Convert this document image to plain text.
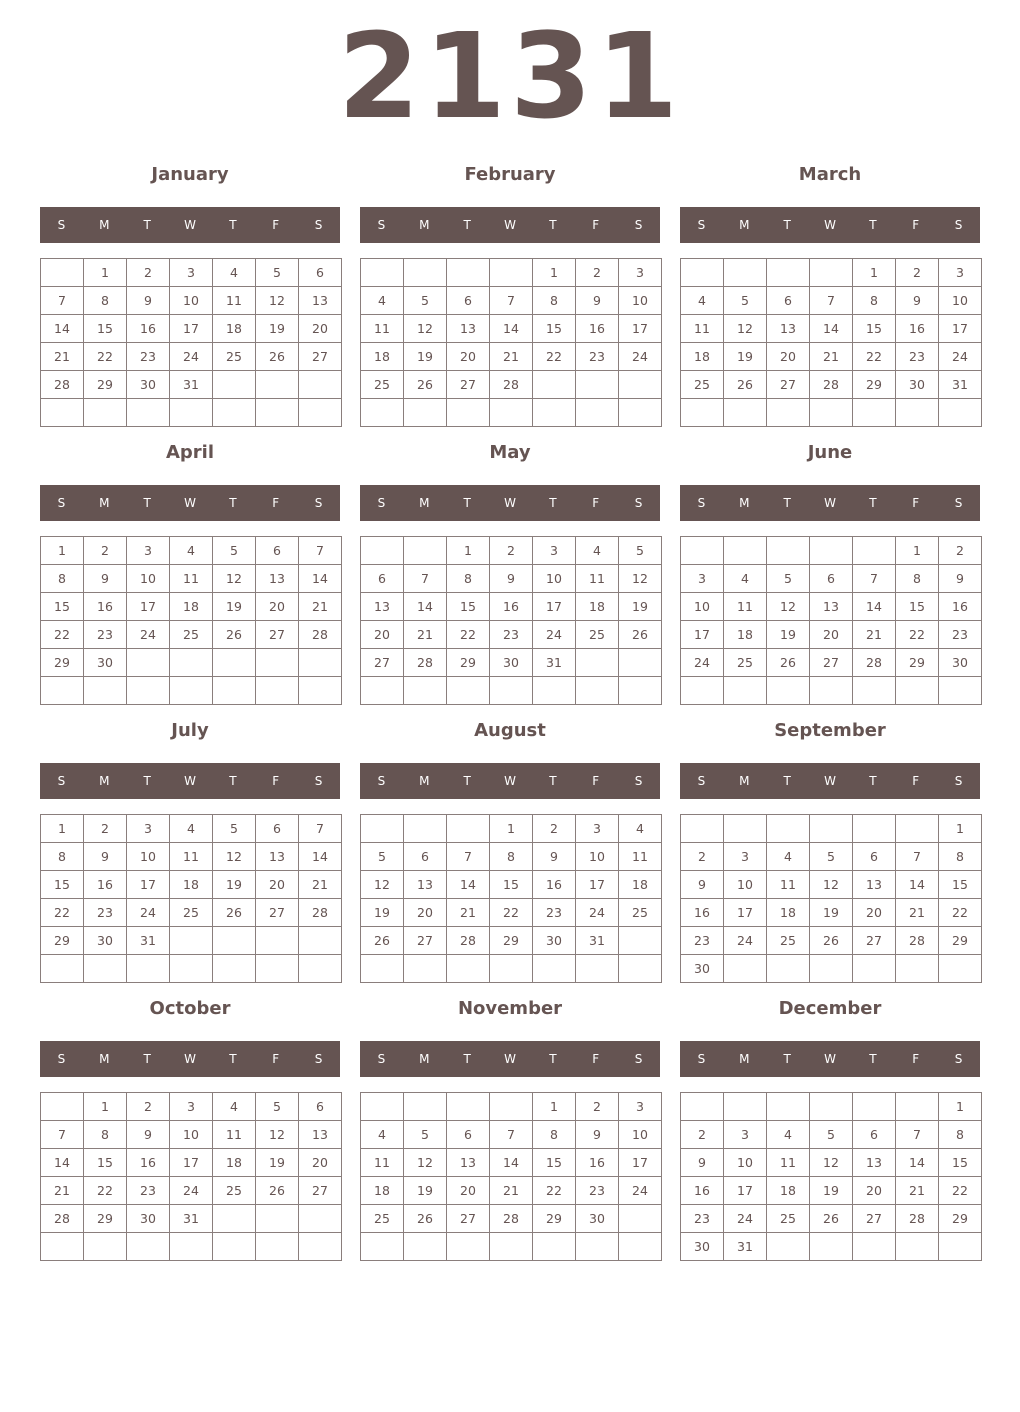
2131
January
S	M	T	W	T	F	S
	1	2	3	4	5	6
7	8	9	10	11	12	13
14	15	16	17	18	19	20
21	22	23	24	25	26	27
28	29	30	31			

February
S	M	T	W	T	F	S
				1	2	3
4	5	6	7	8	9	10
11	12	13	14	15	16	17
18	19	20	21	22	23	24
25	26	27	28			

March
S	M	T	W	T	F	S
				1	2	3
4	5	6	7	8	9	10
11	12	13	14	15	16	17
18	19	20	21	22	23	24
25	26	27	28	29	30	31

April
S	M	T	W	T	F	S
1	2	3	4	5	6	7
8	9	10	11	12	13	14
15	16	17	18	19	20	21
22	23	24	25	26	27	28
29	30					

May
S	M	T	W	T	F	S
		1	2	3	4	5
6	7	8	9	10	11	12
13	14	15	16	17	18	19
20	21	22	23	24	25	26
27	28	29	30	31		

June
S	M	T	W	T	F	S
					1	2
3	4	5	6	7	8	9
10	11	12	13	14	15	16
17	18	19	20	21	22	23
24	25	26	27	28	29	30

July
S	M	T	W	T	F	S
1	2	3	4	5	6	7
8	9	10	11	12	13	14
15	16	17	18	19	20	21
22	23	24	25	26	27	28
29	30	31				

August
S	M	T	W	T	F	S
			1	2	3	4
5	6	7	8	9	10	11
12	13	14	15	16	17	18
19	20	21	22	23	24	25
26	27	28	29	30	31	

September
S	M	T	W	T	F	S
						1
2	3	4	5	6	7	8
9	10	11	12	13	14	15
16	17	18	19	20	21	22
23	24	25	26	27	28	29
30						
October
S	M	T	W	T	F	S
	1	2	3	4	5	6
7	8	9	10	11	12	13
14	15	16	17	18	19	20
21	22	23	24	25	26	27
28	29	30	31			

November
S	M	T	W	T	F	S
				1	2	3
4	5	6	7	8	9	10
11	12	13	14	15	16	17
18	19	20	21	22	23	24
25	26	27	28	29	30	

December
S	M	T	W	T	F	S
						1
2	3	4	5	6	7	8
9	10	11	12	13	14	15
16	17	18	19	20	21	22
23	24	25	26	27	28	29
30	31					
